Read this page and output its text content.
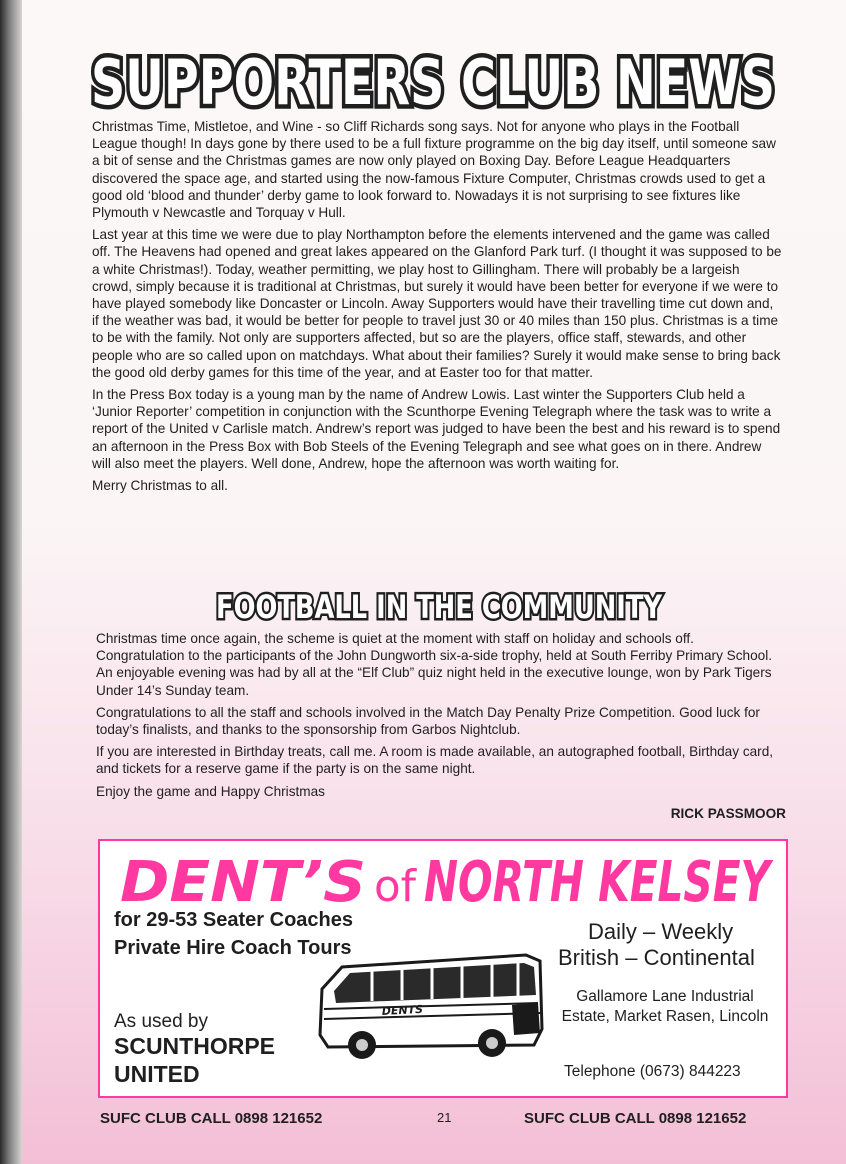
SUPPORTERS CLUB NEWS

Christmas Time, Mistletoe, and Wine - so Cliff Richards song says. Not for anyone who plays in the Football League though! In days gone by there used to be a full fixture programme on the big day itself, until someone saw a bit of sense and the Christmas games are now only played on Boxing Day. Before League Headquarters discovered the space age, and started using the now-famous Fixture Computer, Christmas crowds used to get a good old ‘blood and thunder’ derby game to look forward to. Nowadays it is not surprising to see fixtures like Plymouth v Newcastle and Torquay v Hull.

Last year at this time we were due to play Northampton before the elements intervened and the game was called off. The Heavens had opened and great lakes appeared on the Glanford Park turf. (I thought it was supposed to be a white Christmas!). Today, weather permitting, we play host to Gillingham. There will probably be a largeish crowd, simply because it is traditional at Christmas, but surely it would have been better for everyone if we were to have played somebody like Doncaster or Lincoln. Away Supporters would have their travelling time cut down and, if the weather was bad, it would be better for people to travel just 30 or 40 miles than 150 plus. Christmas is a time to be with the family. Not only are supporters affected, but so are the players, office staff, stewards, and other people who are so called upon on matchdays. What about their families? Surely it would make sense to bring back the good old derby games for this time of the year, and at Easter too for that matter.

In the Press Box today is a young man by the name of Andrew Lowis. Last winter the Supporters Club held a ‘Junior Reporter’ competition in conjunction with the Scunthorpe Evening Telegraph where the task was to write a report of the United v Carlisle match. Andrew’s report was judged to have been the best and his reward is to spend an afternoon in the Press Box with Bob Steels of the Evening Telegraph and see what goes on in there. Andrew will also meet the players. Well done, Andrew, hope the afternoon was worth waiting for.

Merry Christmas to all.

FOOTBALL IN THE COMMUNITY

Christmas time once again, the scheme is quiet at the moment with staff on holiday and schools off. Congratulation to the participants of the John Dungworth six-a-side trophy, held at South Ferriby Primary School. An enjoyable evening was had by all at the “Elf Club” quiz night held in the executive lounge, won by Park Tigers Under 14’s Sunday team.

Congratulations to all the staff and schools involved in the Match Day Penalty Prize Competition. Good luck for today’s finalists, and thanks to the sponsorship from Garbos Nightclub.

If you are interested in Birthday treats, call me. A room is made available, an autographed football, Birthday card, and tickets for a reserve game if the party is on the same night.

Enjoy the game and Happy Christmas

RICK PASSMOOR
DENT’S of NORTH KELSEY
for 29-53 Seater Coaches
Private Hire Coach Tours
Daily – Weekly
British – Continental
Gallamore Lane Industrial Estate, Market Rasen, Lincoln
Telephone (0673) 844223
As used by
SCUNTHORPE
UNITED
DENTS
SUFC CLUB CALL 0898 121652	21	SUFC CLUB CALL 0898 121652
